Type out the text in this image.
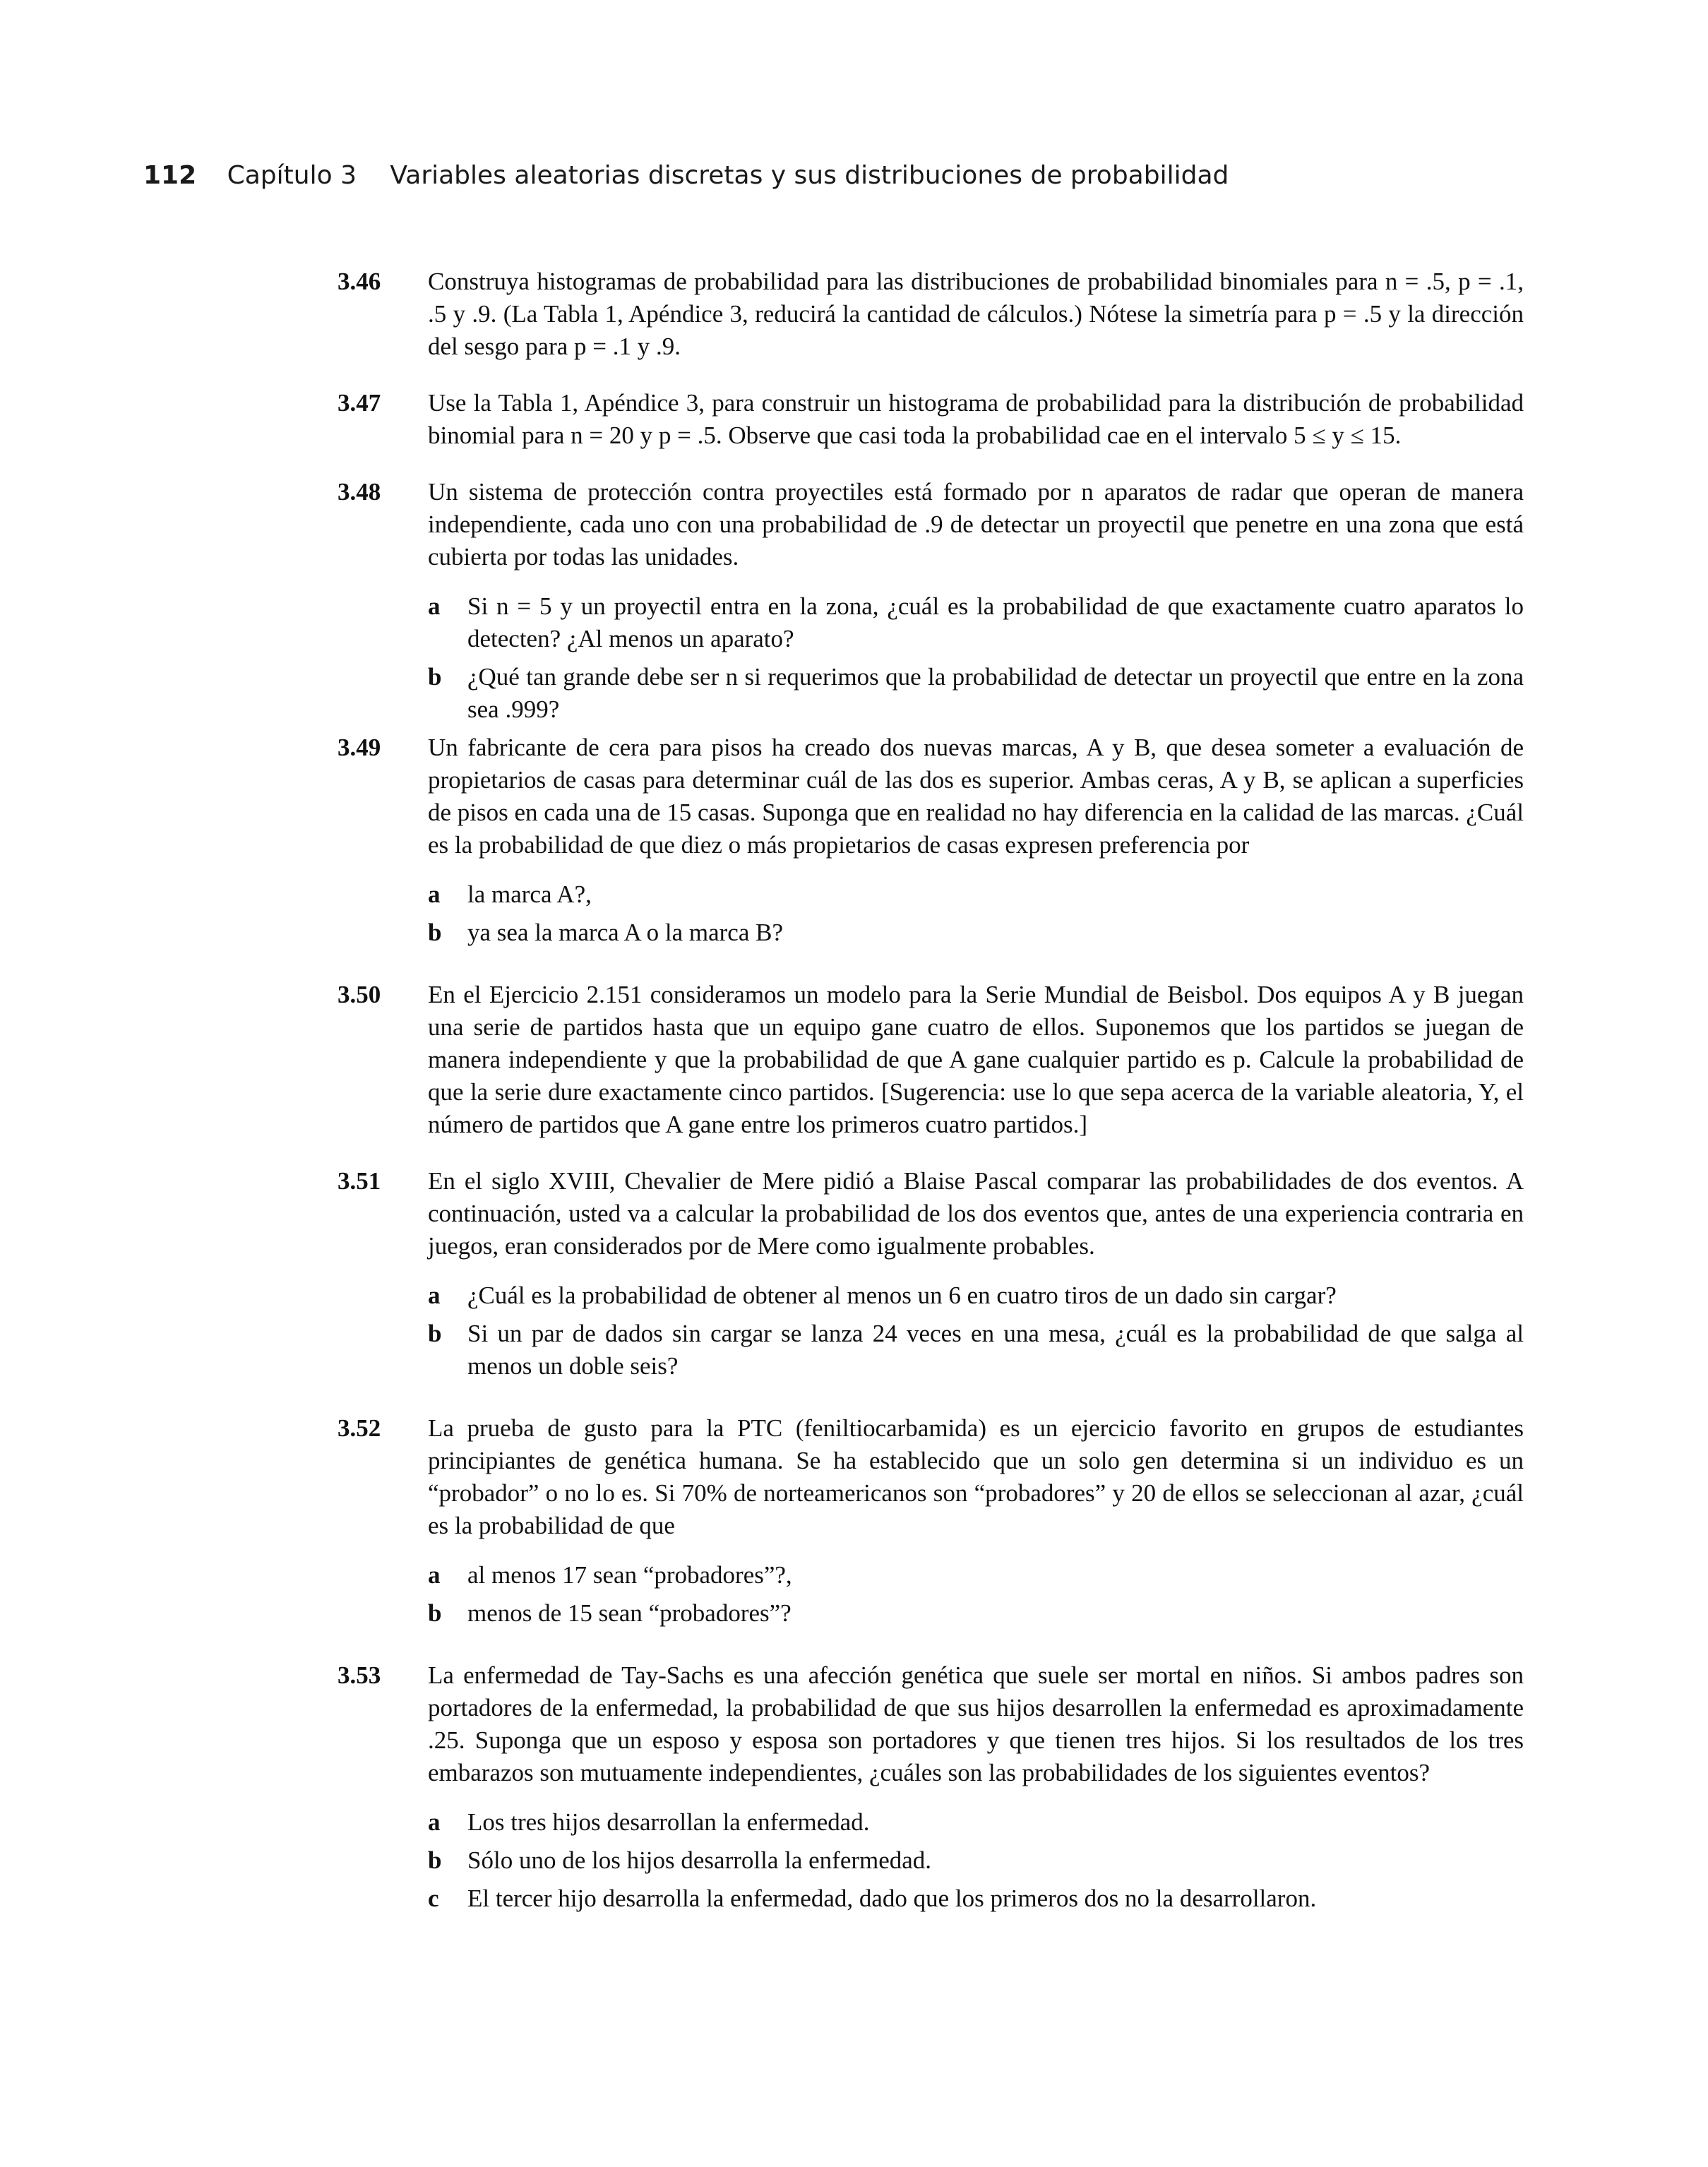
112 Capítulo 3 Variables aleatorias discretas y sus distribuciones de probabilidad
3.46	Construya histogramas de probabilidad para las distribuciones de probabilidad binomiales para n = .5, p = .1, .5 y .9. (La Tabla 1, Apéndice 3, reducirá la cantidad de cálculos.) Nótese la simetría para p = .5 y la dirección del sesgo para p = .1 y .9.
3.47	Use la Tabla 1, Apéndice 3, para construir un histograma de probabilidad para la distribución de probabilidad binomial para n = 20 y p = .5. Observe que casi toda la probabilidad cae en el intervalo 5 ≤ y ≤ 15.
3.48	Un sistema de protección contra proyectiles está formado por n aparatos de radar que operan de manera independiente, cada uno con una probabilidad de .9 de detectar un proyectil que penetre en una zona que está cubierta por todas las unidades.
a	Si n = 5 y un proyectil entra en la zona, ¿cuál es la probabilidad de que exactamente cuatro aparatos lo detecten? ¿Al menos un aparato?
b	¿Qué tan grande debe ser n si requerimos que la probabilidad de detectar un proyectil que entre en la zona sea .999?
3.49	Un fabricante de cera para pisos ha creado dos nuevas marcas, A y B, que desea someter a evaluación de propietarios de casas para determinar cuál de las dos es superior. Ambas ceras, A y B, se aplican a superficies de pisos en cada una de 15 casas. Suponga que en realidad no hay diferencia en la calidad de las marcas. ¿Cuál es la probabilidad de que diez o más propietarios de casas expresen preferencia por
a	la marca A?,
b	ya sea la marca A o la marca B?
3.50	En el Ejercicio 2.151 consideramos un modelo para la Serie Mundial de Beisbol. Dos equipos A y B juegan una serie de partidos hasta que un equipo gane cuatro de ellos. Suponemos que los partidos se juegan de manera independiente y que la probabilidad de que A gane cualquier partido es p. Calcule la probabilidad de que la serie dure exactamente cinco partidos. [Sugerencia: use lo que sepa acerca de la variable aleatoria, Y, el número de partidos que A gane entre los primeros cuatro partidos.]
3.51	En el siglo XVIII, Chevalier de Mere pidió a Blaise Pascal comparar las probabilidades de dos eventos. A continuación, usted va a calcular la probabilidad de los dos eventos que, antes de una experiencia contraria en juegos, eran considerados por de Mere como igualmente probables.
a	¿Cuál es la probabilidad de obtener al menos un 6 en cuatro tiros de un dado sin cargar?
b	Si un par de dados sin cargar se lanza 24 veces en una mesa, ¿cuál es la probabilidad de que salga al menos un doble seis?
3.52	La prueba de gusto para la PTC (feniltiocarbamida) es un ejercicio favorito en grupos de estudiantes principiantes de genética humana. Se ha establecido que un solo gen determina si un individuo es un “probador” o no lo es. Si 70% de norteamericanos son “probadores” y 20 de ellos se seleccionan al azar, ¿cuál es la probabilidad de que
a	al menos 17 sean “probadores”?,
b	menos de 15 sean “probadores”?
3.53	La enfermedad de Tay-Sachs es una afección genética que suele ser mortal en niños. Si ambos padres son portadores de la enfermedad, la probabilidad de que sus hijos desarrollen la enfermedad es aproximadamente .25. Suponga que un esposo y esposa son portadores y que tienen tres hijos. Si los resultados de los tres embarazos son mutuamente independientes, ¿cuáles son las probabilidades de los siguientes eventos?
a	Los tres hijos desarrollan la enfermedad.
b	Sólo uno de los hijos desarrolla la enfermedad.
c	El tercer hijo desarrolla la enfermedad, dado que los primeros dos no la desarrollaron.
